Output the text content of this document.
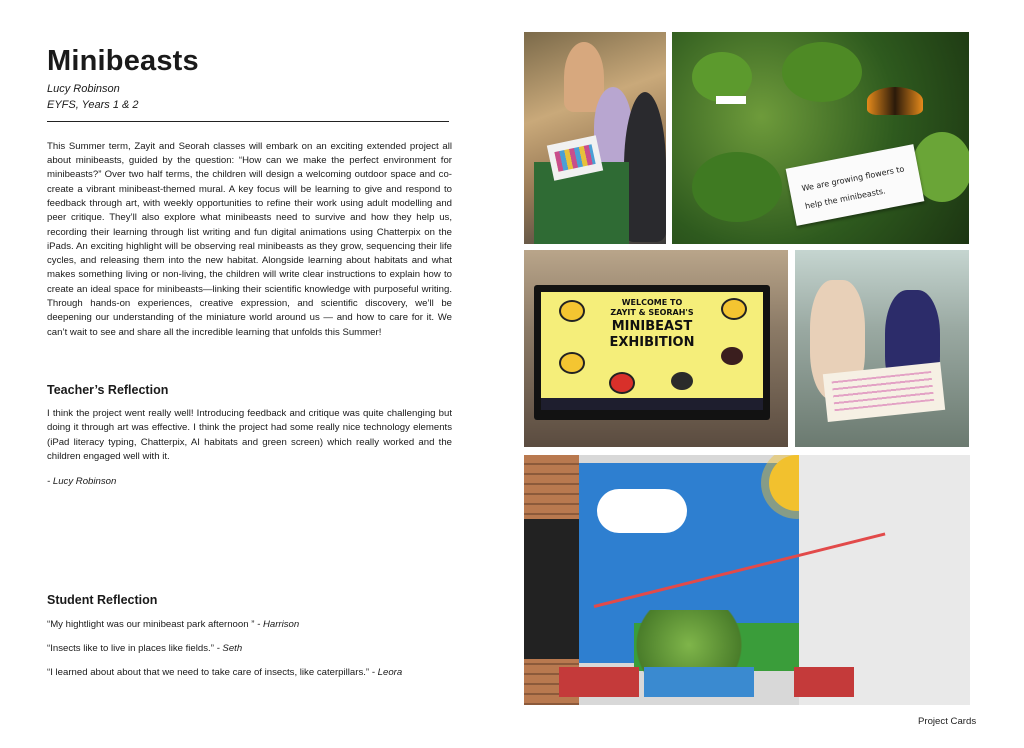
Minibeasts

Lucy Robinson

EYFS, Years 1 & 2

This Summer term, Zayit and Seorah classes will embark on an exciting extended project all about minibeasts, guided by the question: “How can we make the perfect environment for minibeasts?” Over two half terms, the children will design a welcoming outdoor space and co-create a vibrant minibeast-themed mural. A key focus will be learning to give and respond to feedback through art, with weekly opportunities to refine their work using adult modelling and peer critique. They’ll also explore what minibeasts need to survive and how they help us, recording their learning through list writing and fun digital animations using Chatterpix on the iPads. An exciting highlight will be observing real minibeasts as they grow, sequencing their life cycles, and releasing them into the new habitat. Alongside learning about habitats and what makes something living or non-living, the children will write clear instructions to explain how to create an ideal space for minibeasts—linking their scientific knowledge with purposeful writing. Through hands-on experiences, creative expression, and scientific discovery, we’ll be deepening our understanding of the miniature world around us — and how to care for it. We can’t wait to see and share all the incredible learning that unfolds this Summer!

Teacher’s Reflection

I think the project went really well! Introducing feedback and critique was quite challenging but doing it through art was effective. I think the project had some really nice technology elements (iPad literacy typing, Chatterpix, AI habitats and green screen) which really worked and the children engaged well with it.

- Lucy Robinson

Student Reflection

“My hightlight was our minibeast park afternoon ” - Harrison

“Insects like to live in places like fields.” - Seth

“I learned about about that we need to take care of insects, like caterpillars.” - Leora

We are growing flowers to
help the minibeasts.
WELCOME TO
ZAYIT & SEORAH'S
MINIBEAST
EXHIBITION

Project Cards
